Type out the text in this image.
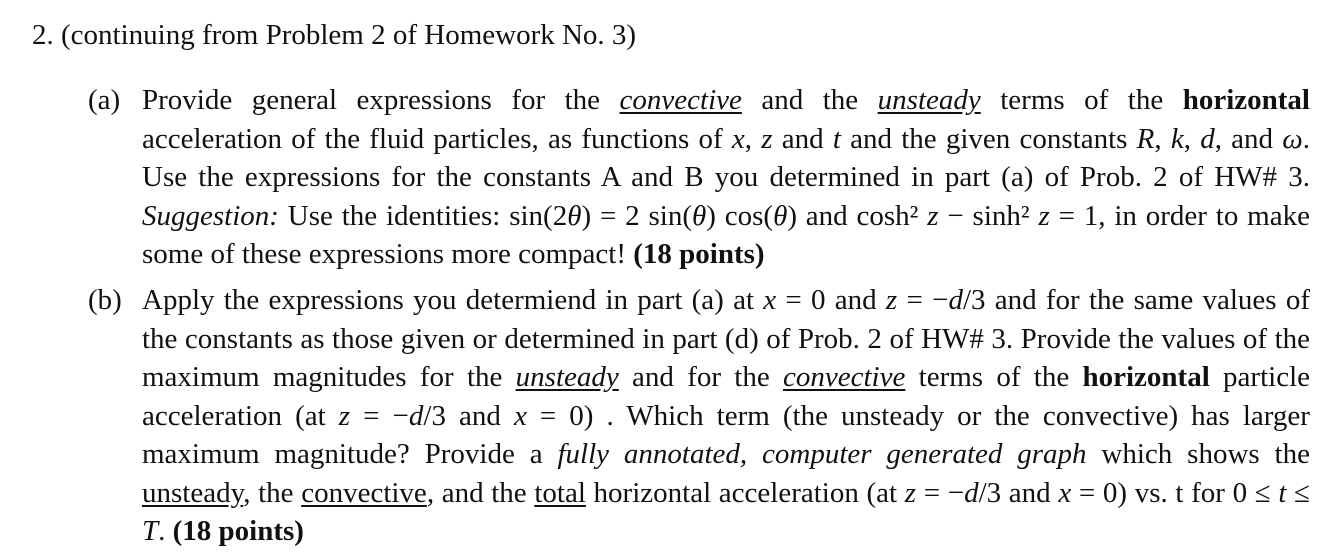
2. (continuing from Problem 2 of Homework No. 3)
(a) Provide general expressions for the convective and the unsteady terms of the horizontal acceleration of the fluid particles, as functions of x, z and t and the given constants R, k, d, and ω. Use the expressions for the constants A and B you determined in part (a) of Prob. 2 of HW# 3. Suggestion: Use the identities: sin(2θ) = 2 sin(θ) cos(θ) and cosh² z − sinh² z = 1, in order to make some of these expressions more compact! (18 points)
(b) Apply the expressions you determiend in part (a) at x = 0 and z = −d/3 and for the same values of the constants as those given or determined in part (d) of Prob. 2 of HW# 3. Provide the values of the maximum magnitudes for the unsteady and for the convective terms of the horizontal particle acceleration (at z = −d/3 and x = 0) . Which term (the unsteady or the convective) has larger maximum magnitude? Provide a fully annotated, computer generated graph which shows the unsteady, the convective, and the total horizontal acceleration (at z = −d/3 and x = 0) vs. t for 0 ≤ t ≤ T. (18 points)
